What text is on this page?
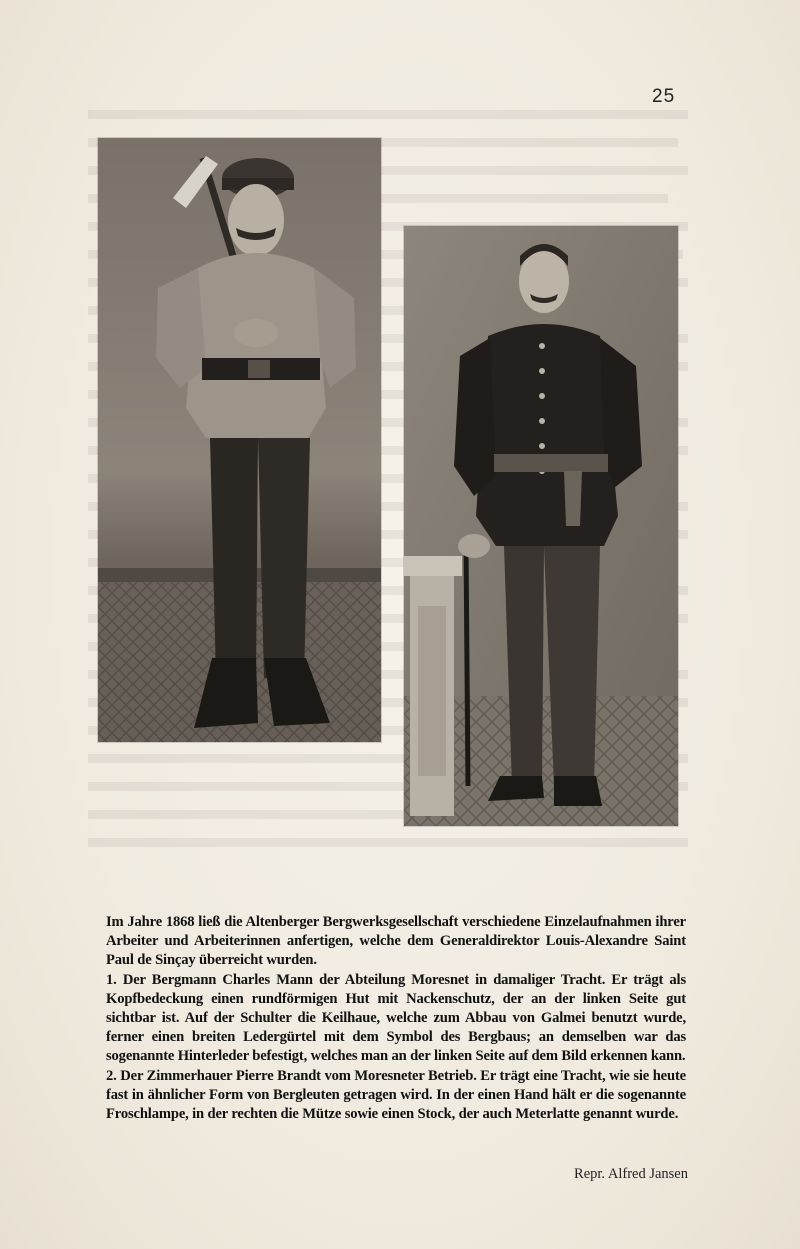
25

Im Jahre 1868 ließ die Altenberger Bergwerksgesellschaft verschiedene Einzelaufnahmen ihrer Arbeiter und Arbeiterinnen anfertigen, welche dem Generaldirektor Louis-Alexandre Saint Paul de Sinçay überreicht wurden.

1. Der Bergmann Charles Mann der Abteilung Moresnet in damaliger Tracht. Er trägt als Kopfbedeckung einen rundförmigen Hut mit Nackenschutz, der an der linken Seite gut sichtbar ist. Auf der Schulter die Keilhaue, welche zum Abbau von Galmei benutzt wurde, ferner einen breiten Ledergürtel mit dem Symbol des Bergbaus; an demselben war das sogenannte Hinterleder befestigt, welches man an der linken Seite auf dem Bild erkennen kann.

2. Der Zimmerhauer Pierre Brandt vom Moresneter Betrieb. Er trägt eine Tracht, wie sie heute fast in ähnlicher Form von Bergleuten getragen wird. In der einen Hand hält er die sogenannte Froschlampe, in der rechten die Mütze sowie einen Stock, der auch Meterlatte genannt wurde.

Repr. Alfred Jansen
